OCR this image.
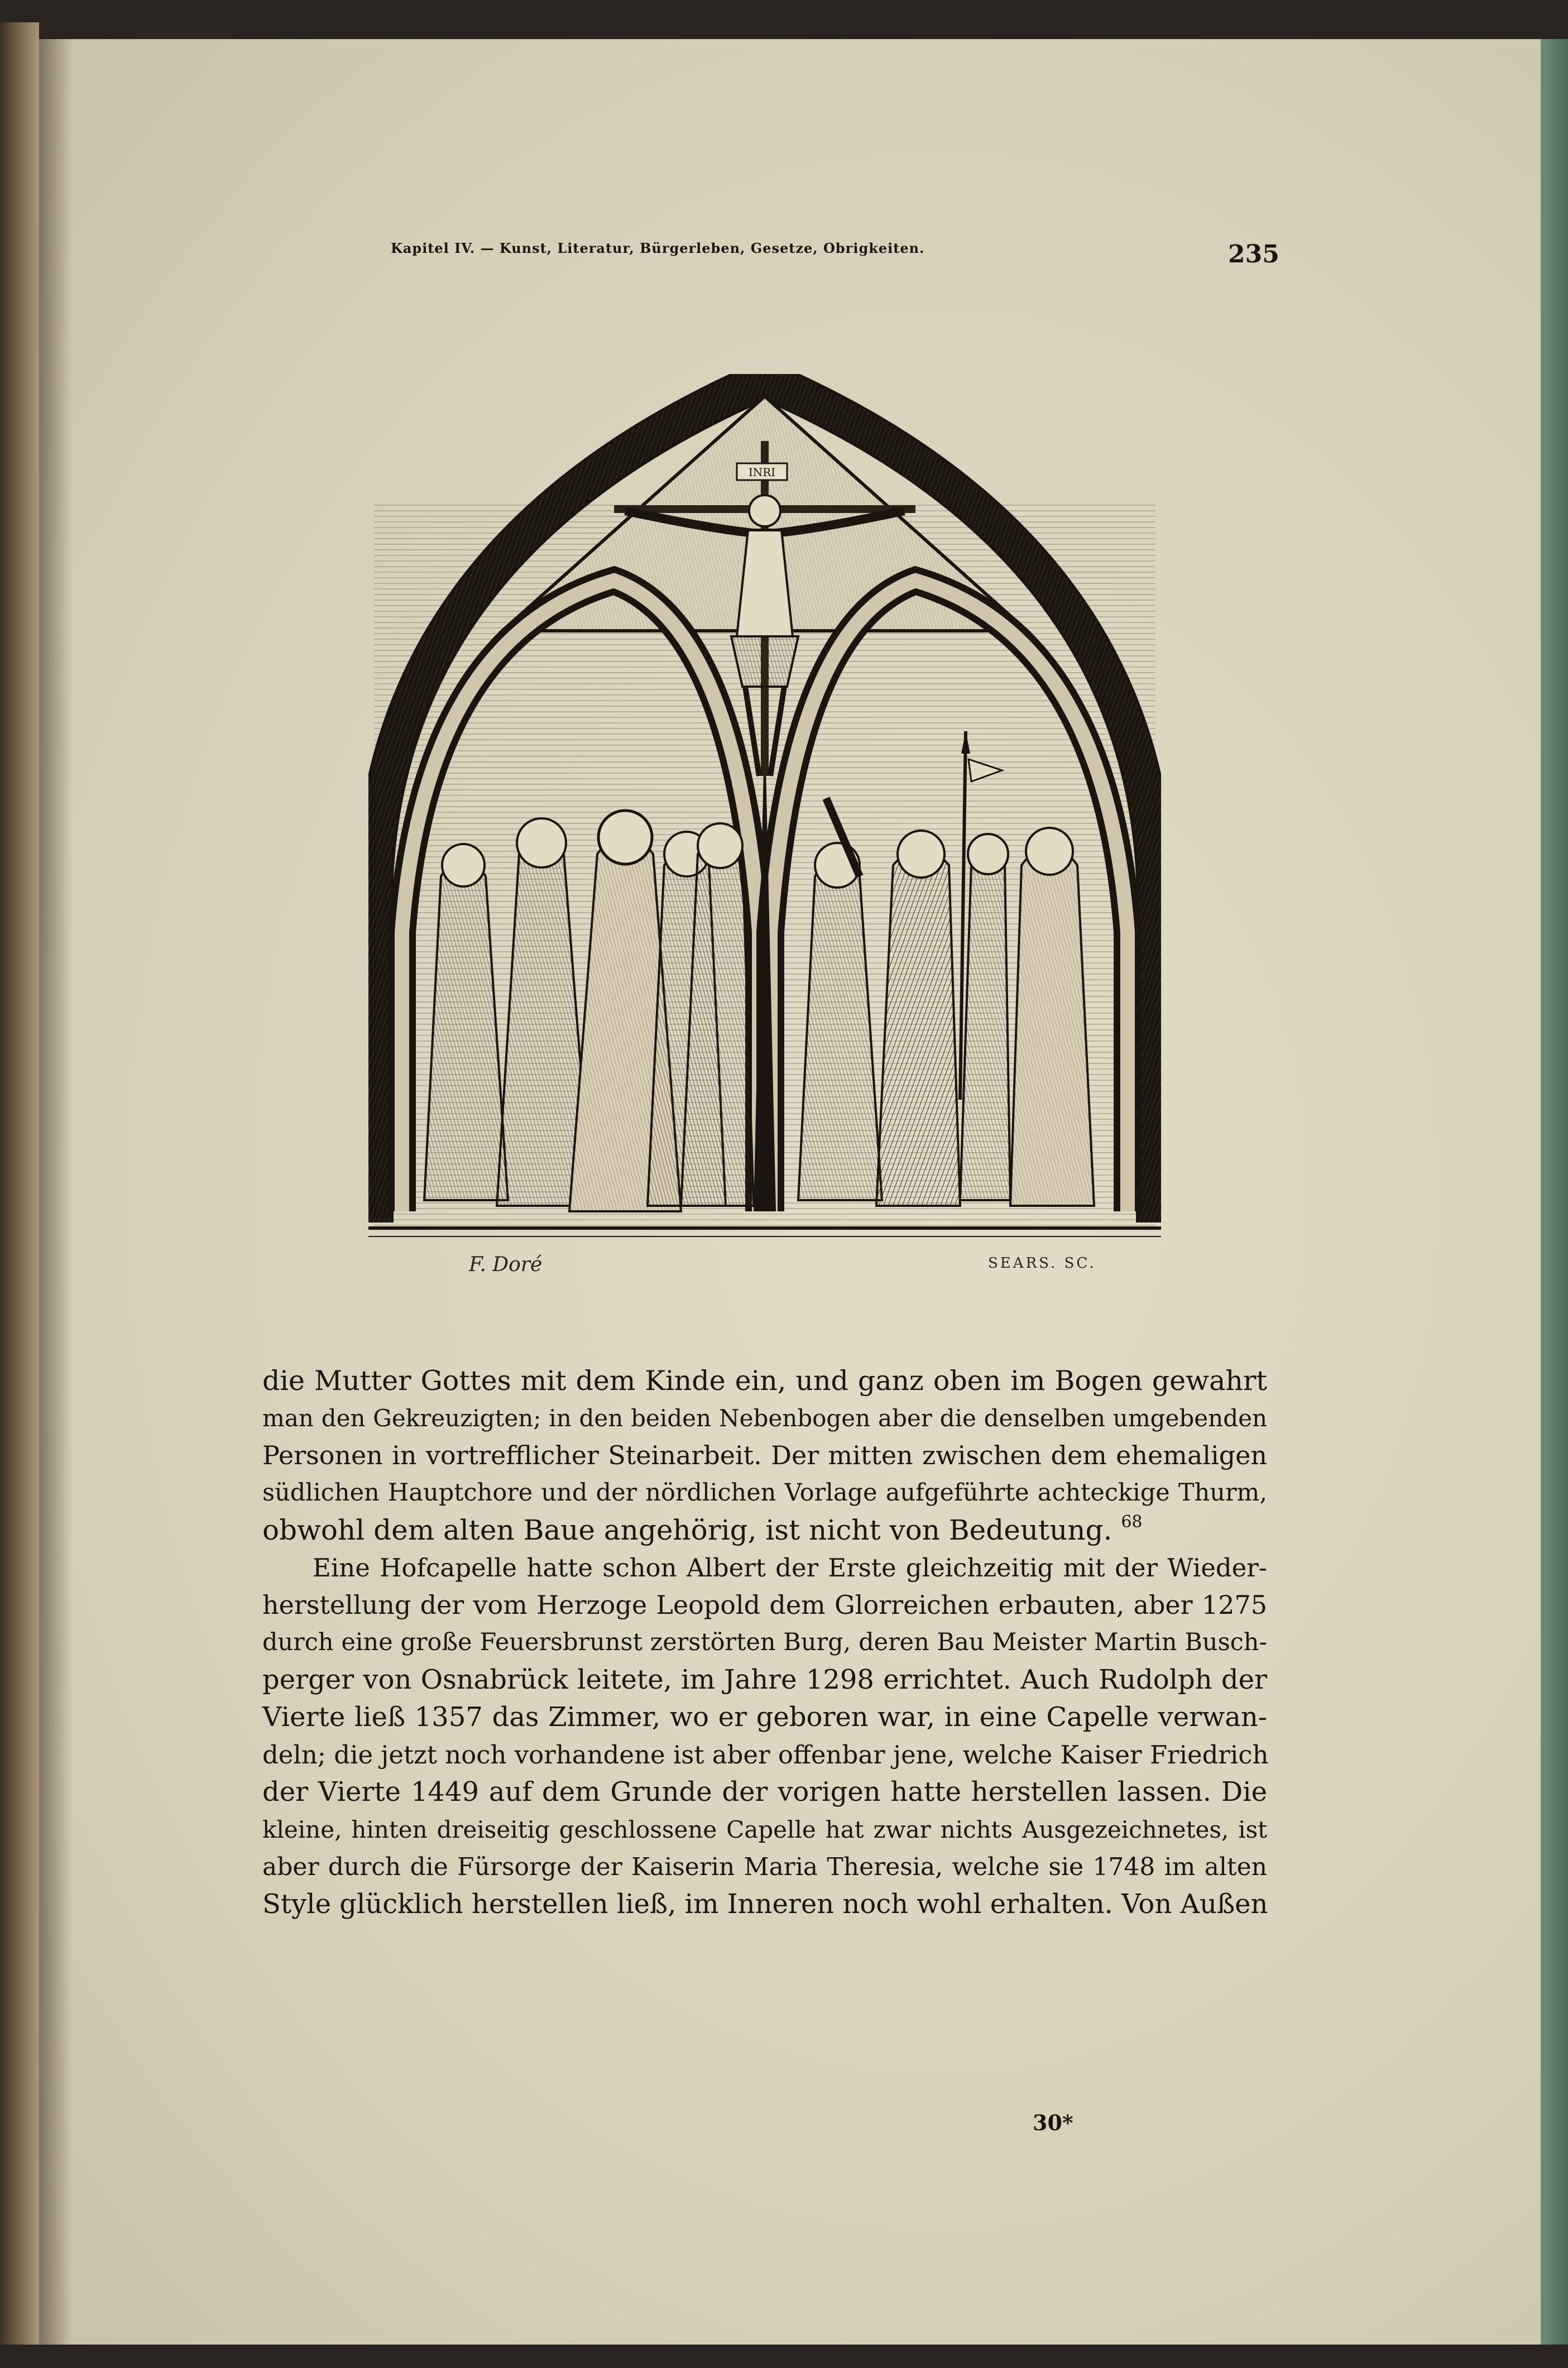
Kapitel IV. — Kunst, Literatur, Bürgerleben, Gesetze, Obrigkeiten.	235
INRI
F. Doré	SEARS. SC.
die Mutter Gottes mit dem Kinde ein, und ganz oben im Bogen gewahrt
man den Gekreuzigten; in den beiden Nebenbogen aber die denselben umgebenden
Personen in vortrefflicher Steinarbeit. Der mitten zwischen dem ehemaligen
südlichen Hauptchore und der nördlichen Vorlage aufgeführte achteckige Thurm,
obwohl dem alten Baue angehörig, ist nicht von Bedeutung. $^{68}$
Eine Hofcapelle hatte schon Albert der Erste gleichzeitig mit der Wieder-
herstellung der vom Herzoge Leopold dem Glorreichen erbauten, aber 1275
durch eine große Feuersbrunst zerstörten Burg, deren Bau Meister Martin Busch-
perger von Osnabrück leitete, im Jahre 1298 errichtet. Auch Rudolph der
Vierte ließ 1357 das Zimmer, wo er geboren war, in eine Capelle verwan-
deln; die jetzt noch vorhandene ist aber offenbar jene, welche Kaiser Friedrich
der Vierte 1449 auf dem Grunde der vorigen hatte herstellen lassen. Die
kleine, hinten dreiseitig geschlossene Capelle hat zwar nichts Ausgezeichnetes, ist
aber durch die Fürsorge der Kaiserin Maria Theresia, welche sie 1748 im alten
Style glücklich herstellen ließ, im Inneren noch wohl erhalten. Von Außen
30*
